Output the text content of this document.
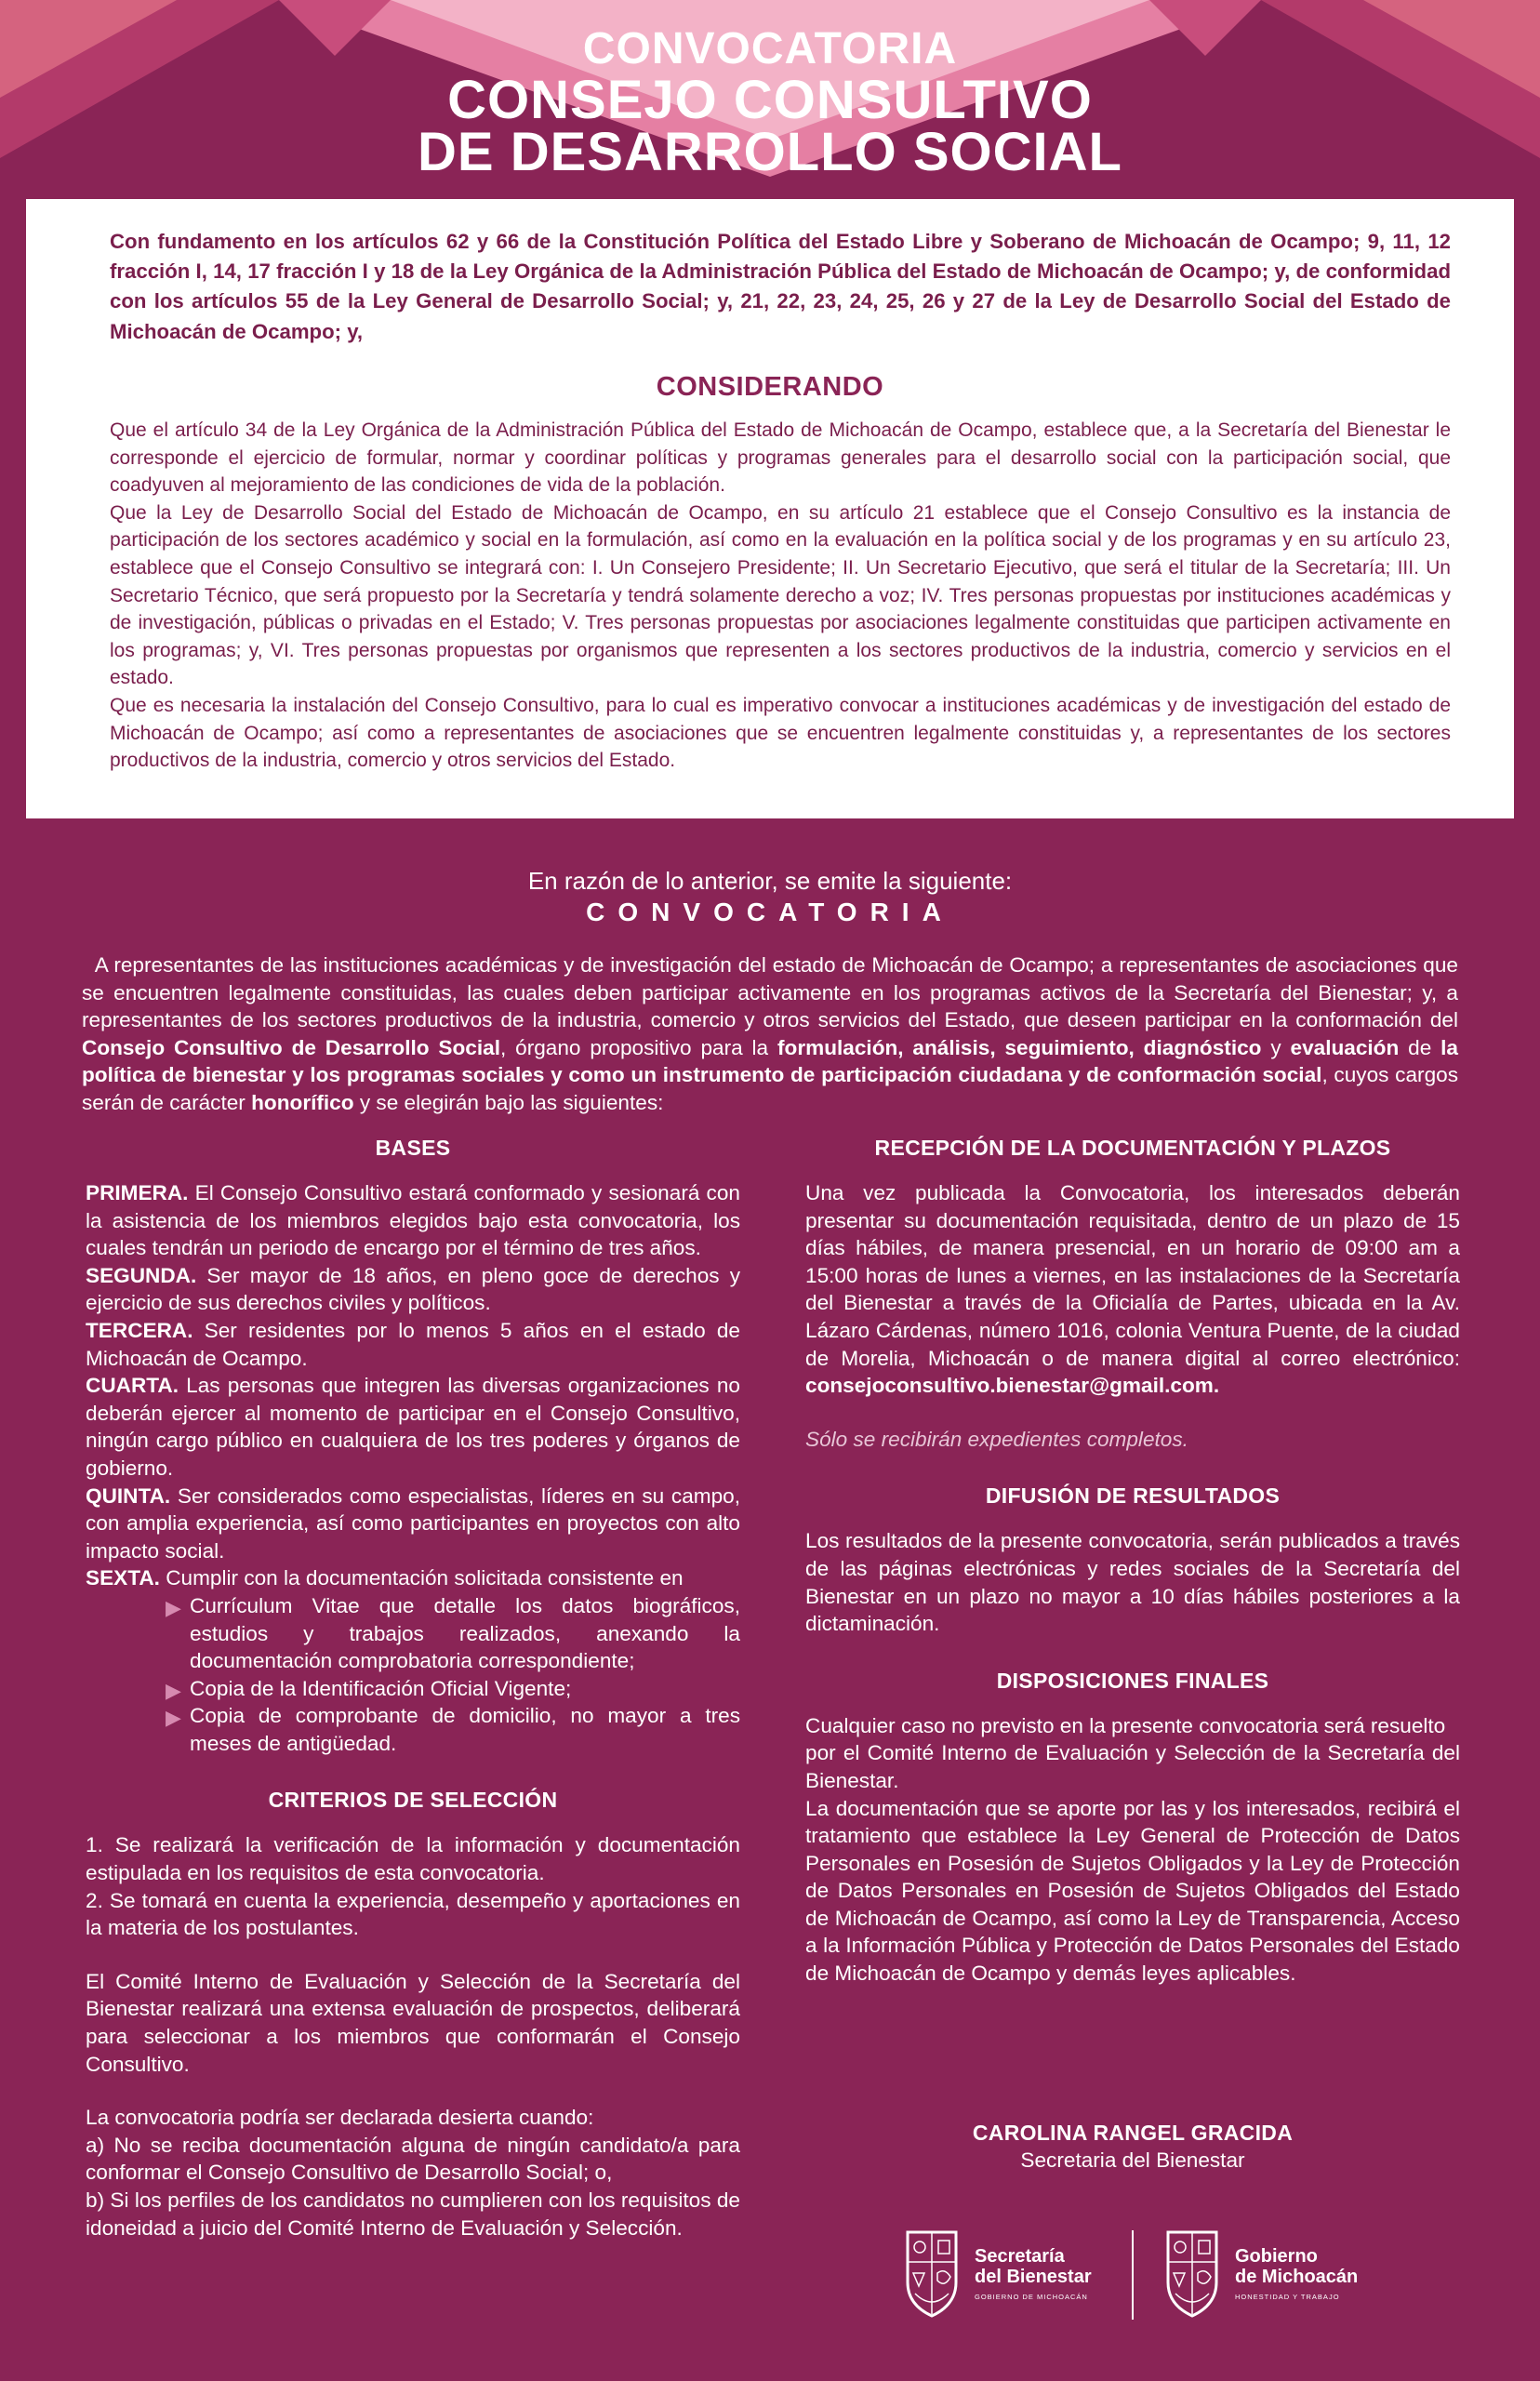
CONVOCATORIA
CONSEJO CONSULTIVO
DE DESARROLLO SOCIAL
Con fundamento en los artículos 62 y 66 de la Constitución Política del Estado Libre y Soberano de Michoacán de Ocampo; 9, 11, 12 fracción I, 14, 17 fracción I y 18 de la Ley Orgánica de la Administración Pública del Estado de Michoacán de Ocampo; y, de conformidad con los artículos 55 de la Ley General de Desarrollo Social; y, 21, 22, 23, 24, 25, 26 y 27 de la Ley de Desarrollo Social del Estado de Michoacán de Ocampo; y,
CONSIDERANDO

Que el artículo 34 de la Ley Orgánica de la Administración Pública del Estado de Michoacán de Ocampo, establece que, a la Secretaría del Bienestar le corresponde el ejercicio de formular, normar y coordinar políticas y programas generales para el desarrollo social con la participación social, que coadyuven al mejoramiento de las condiciones de vida de la población.

Que la Ley de Desarrollo Social del Estado de Michoacán de Ocampo, en su artículo 21 establece que el Consejo Consultivo es la instancia de participación de los sectores académico y social en la formulación, así como en la evaluación en la política social y de los programas y en su artículo 23, establece que el Consejo Consultivo se integrará con: I. Un Consejero Presidente; II. Un Secretario Ejecutivo, que será el titular de la Secretaría; III. Un Secretario Técnico, que será propuesto por la Secretaría y tendrá solamente derecho a voz; IV. Tres personas propuestas por instituciones académicas y de investigación, públicas o privadas en el Estado; V. Tres personas propuestas por asociaciones legalmente constituidas que participen activamente en los programas; y, VI. Tres personas propuestas por organismos que representen a los sectores productivos de la industria, comercio y servicios en el estado.

Que es necesaria la instalación del Consejo Consultivo, para lo cual es imperativo convocar a instituciones académicas y de investigación del estado de Michoacán de Ocampo; así como a representantes de asociaciones que se encuentren legalmente constituidas y, a representantes de los sectores productivos de la industria, comercio y otros servicios del Estado.

En razón de lo anterior, se emite la siguiente:
CONVOCATORIA
A representantes de las instituciones académicas y de investigación del estado de Michoacán de Ocampo; a representantes de asociaciones que se encuentren legalmente constituidas, las cuales deben participar activamente en los programas activos de la Secretaría del Bienestar; y, a representantes de los sectores productivos de la industria, comercio y otros servicios del Estado, que deseen participar en la conformación del Consejo Consultivo de Desarrollo Social, órgano propositivo para la formulación, análisis, seguimiento, diagnóstico y evaluación de la política de bienestar y los programas sociales y como un instrumento de participación ciudadana y de conformación social, cuyos cargos serán de carácter honorífico y se elegirán bajo las siguientes:
BASES
PRIMERA. El Consejo Consultivo estará conformado y sesionará con la asistencia de los miembros elegidos bajo esta convocatoria, los cuales tendrán un periodo de encargo por el término de tres años.
SEGUNDA. Ser mayor de 18 años, en pleno goce de derechos y ejercicio de sus derechos civiles y políticos.
TERCERA. Ser residentes por lo menos 5 años en el estado de Michoacán de Ocampo.
CUARTA. Las personas que integren las diversas organizaciones no deberán ejercer al momento de participar en el Consejo Consultivo, ningún cargo público en cualquiera de los tres poderes y órganos de gobierno.
QUINTA. Ser considerados como especialistas, líderes en su campo, con amplia experiencia, así como participantes en proyectos con alto impacto social.
SEXTA. Cumplir con la documentación solicitada consistente en
▶ Currículum Vitae que detalle los datos biográficos, estudios y trabajos realizados, anexando la documentación comprobatoria correspondiente;
▶ Copia de la Identificación Oficial Vigente;
▶ Copia de comprobante de domicilio, no mayor a tres meses de antigüedad.
CRITERIOS DE SELECCIÓN
1. Se realizará la verificación de la información y documentación estipulada en los requisitos de esta convocatoria.
2. Se tomará en cuenta la experiencia, desempeño y aportaciones en la materia de los postulantes.
El Comité Interno de Evaluación y Selección de la Secretaría del Bienestar realizará una extensa evaluación de prospectos, deliberará para seleccionar a los miembros que conformarán el Consejo Consultivo.
La convocatoria podría ser declarada desierta cuando:
a) No se reciba documentación alguna de ningún candidato/a para conformar el Consejo Consultivo de Desarrollo Social; o,
b) Si los perfiles de los candidatos no cumplieren con los requisitos de idoneidad a juicio del Comité Interno de Evaluación y Selección.
RECEPCIÓN DE LA DOCUMENTACIÓN Y PLAZOS
Una vez publicada la Convocatoria, los interesados deberán presentar su documentación requisitada, dentro de un plazo de 15 días hábiles, de manera presencial, en un horario de 09:00 am a 15:00 horas de lunes a viernes, en las instalaciones de la Secretaría del Bienestar a través de la Oficialía de Partes, ubicada en la Av. Lázaro Cárdenas, número 1016, colonia Ventura Puente, de la ciudad de Morelia, Michoacán o de manera digital al correo electrónico: consejoconsultivo.bienestar@gmail.com.
Sólo se recibirán expedientes completos.
DIFUSIÓN DE RESULTADOS
Los resultados de la presente convocatoria, serán publicados a través de las páginas electrónicas y redes sociales de la Secretaría del Bienestar en un plazo no mayor a 10 días hábiles posteriores a la dictaminación.
DISPOSICIONES FINALES
Cualquier caso no previsto en la presente convocatoria será resuelto
por el Comité Interno de Evaluación y Selección de la Secretaría del Bienestar.
La documentación que se aporte por las y los interesados, recibirá el tratamiento que establece la Ley General de Protección de Datos Personales en Posesión de Sujetos Obligados y la Ley de Protección de Datos Personales en Posesión de Sujetos Obligados del Estado de Michoacán de Ocampo, así como la Ley de Transparencia, Acceso a la Información Pública y Protección de Datos Personales del Estado de Michoacán de Ocampo y demás leyes aplicables.
CAROLINA RANGEL GRACIDA
Secretaria del Bienestar
Secretaría
del Bienestar
GOBIERNO DE MICHOACÁN
Gobierno
de Michoacán
HONESTIDAD Y TRABAJO
